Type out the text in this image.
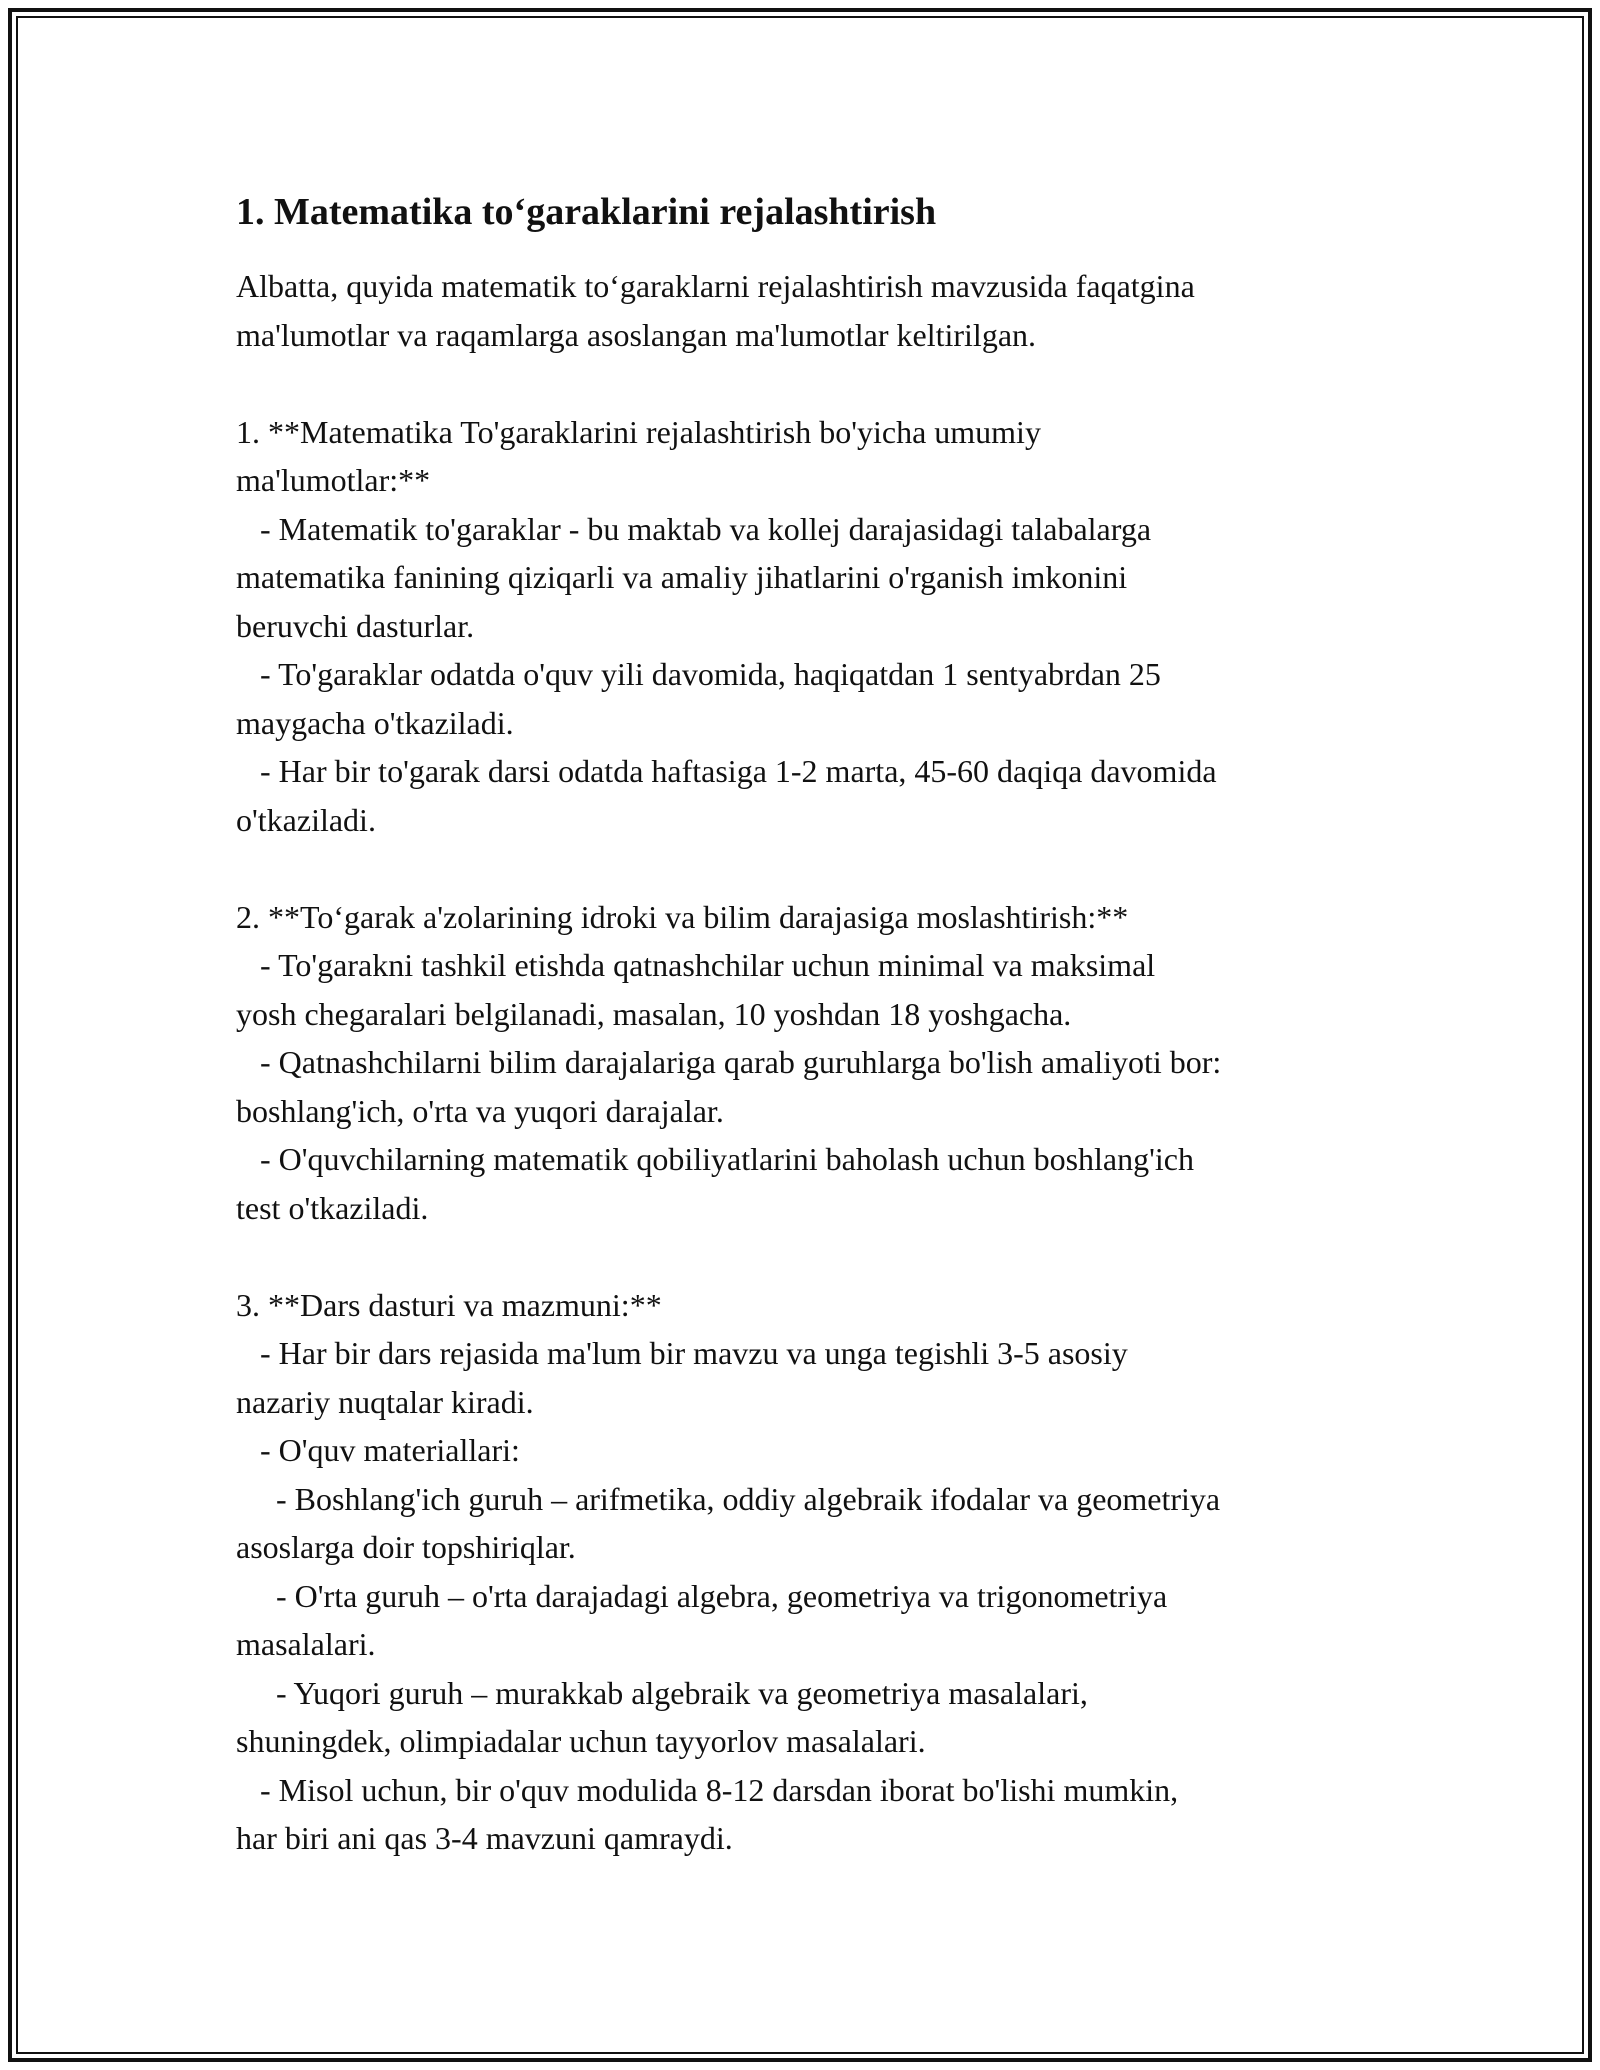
1. Matematika to‘garaklarini rejalashtirish

Albatta, quyida matematik to‘garaklarni rejalashtirish mavzusida faqatgina

ma'lumotlar va raqamlarga asoslangan ma'lumotlar keltirilgan.

1. **Matematika To'garaklarini rejalashtirish bo'yicha umumiy

ma'lumotlar:**

- Matematik to'garaklar - bu maktab va kollej darajasidagi talabalarga

matematika fanining qiziqarli va amaliy jihatlarini o'rganish imkonini

beruvchi dasturlar.

- To'garaklar odatda o'quv yili davomida, haqiqatdan 1 sentyabrdan 25

maygacha o'tkaziladi.

- Har bir to'garak darsi odatda haftasiga 1-2 marta, 45-60 daqiqa davomida

o'tkaziladi.

2. **To‘garak a'zolarining idroki va bilim darajasiga moslashtirish:**

- To'garakni tashkil etishda qatnashchilar uchun minimal va maksimal

yosh chegaralari belgilanadi, masalan, 10 yoshdan 18 yoshgacha.

- Qatnashchilarni bilim darajalariga qarab guruhlarga bo'lish amaliyoti bor:

boshlang'ich, o'rta va yuqori darajalar.

- O'quvchilarning matematik qobiliyatlarini baholash uchun boshlang'ich

test o'tkaziladi.

3. **Dars dasturi va mazmuni:**

- Har bir dars rejasida ma'lum bir mavzu va unga tegishli 3-5 asosiy

nazariy nuqtalar kiradi.

- O'quv materiallari:

- Boshlang'ich guruh – arifmetika, oddiy algebraik ifodalar va geometriya

asoslarga doir topshiriqlar.

- O'rta guruh – o'rta darajadagi algebra, geometriya va trigonometriya

masalalari.

- Yuqori guruh – murakkab algebraik va geometriya masalalari,

shuningdek, olimpiadalar uchun tayyorlov masalalari.

- Misol uchun, bir o'quv modulida 8-12 darsdan iborat bo'lishi mumkin,

har biri ani qas 3-4 mavzuni qamraydi.
